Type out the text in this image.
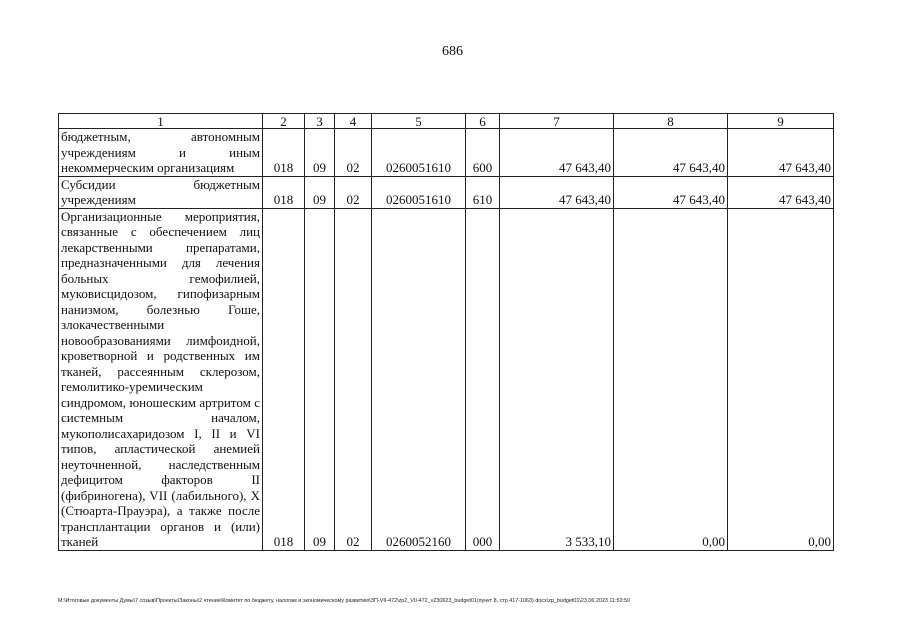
686
1	2	3	4	5	6	7	8	9
бюджетным, автономным учреждениям и иным некоммерческим организациям	018	09	02	0260051610	600	47 643,40	47 643,40	47 643,40
Субсидии бюджетным учреждениям	018	09	02	0260051610	610	47 643,40	47 643,40	47 643,40
Организационные мероприятия, связанные с обеспечением лиц лекарственными препаратами, предназначенными для лечения больных гемофилией, муковисцидозом, гипофизарным нанизмом, болезнью Гоше, злокачественными новообразованиями лимфоидной, кроветворной и родственных им тканей, рассеянным склерозом, гемолитико-уремическим синдромом, юношеским артритом с системным началом, мукополисахаридозом I, II и VI типов, апластической анемией неуточненной, наследственным дефицитом факторов II (фибриногена), VII (лабильного), X (Стюарта-Прауэра), а также после трансплантации органов и (или) тканей	018	09	02	0260052160	000	3 533,10	0,00	0,00
M:\Итоговые документы Думы\7 созыв\Проекты\Законы\2 чтение\Комитет по бюджету, налогам и экономическому развитию\ЗП-VII-472\zp2_VII-472_v230623_budget01(пункт 8, стр.417-1063).docx\zp_budget01\23.06.2023 11:53:50
